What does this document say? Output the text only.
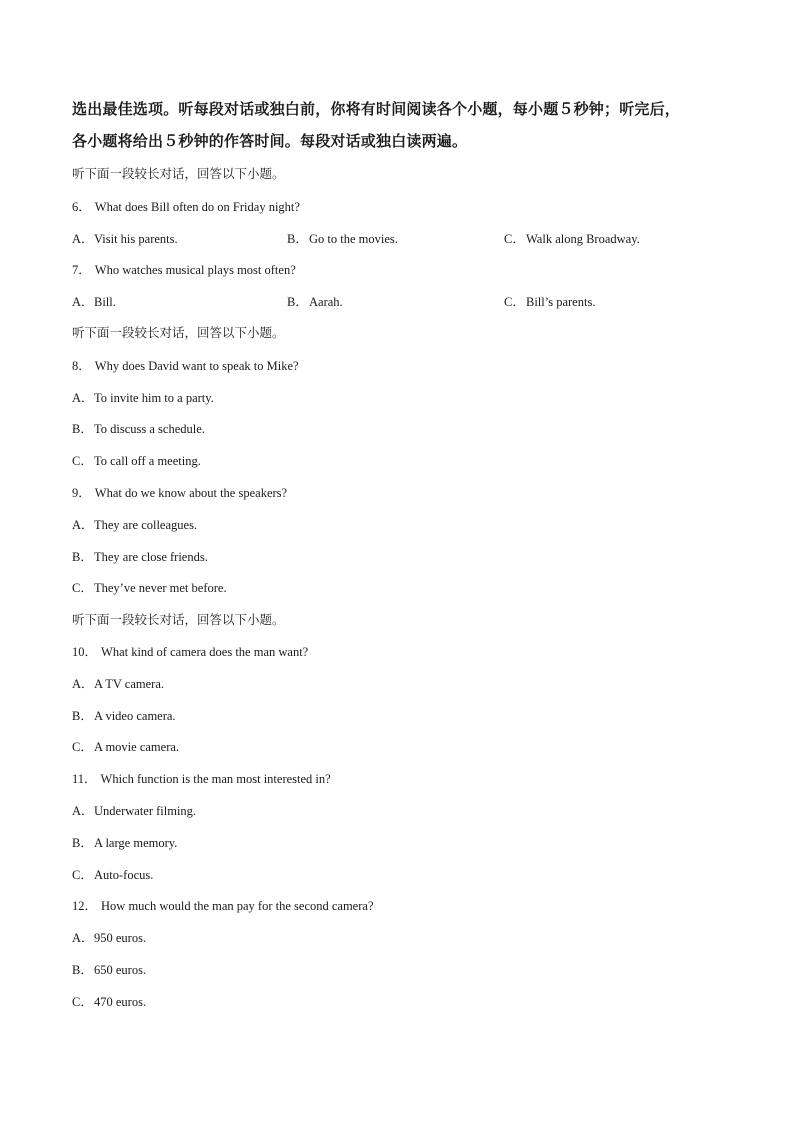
选出最佳选项。听每段对话或独白前，你将有时间阅读各个小题，每小题５秒钟；听完后，
各小题将给出５秒钟的作答时间。每段对话或独白读两遍。
听下面一段较长对话，回答以下小题。
6． What does Bill often do on Friday night?
A．Visit his parents.	B．Go to the movies.	C．Walk along Broadway.
7． Who watches musical plays most often?
A．Bill.	B．Aarah.	C．Bill’s parents.
听下面一段较长对话，回答以下小题。
8． Why does David want to speak to Mike?
A．To invite him to a party.
B．To discuss a schedule.
C．To call off a meeting.
9． What do we know about the speakers?
A．They are colleagues.
B．They are close friends.
C．They’ve never met before.
听下面一段较长对话，回答以下小题。
10． What kind of camera does the man want?
A．A TV camera.
B．A video camera.
C．A movie camera.
11． Which function is the man most interested in?
A．Underwater filming.
B．A large memory.
C．Auto-focus.
12． How much would the man pay for the second camera?
A．950 euros.
B．650 euros.
C．470 euros.
